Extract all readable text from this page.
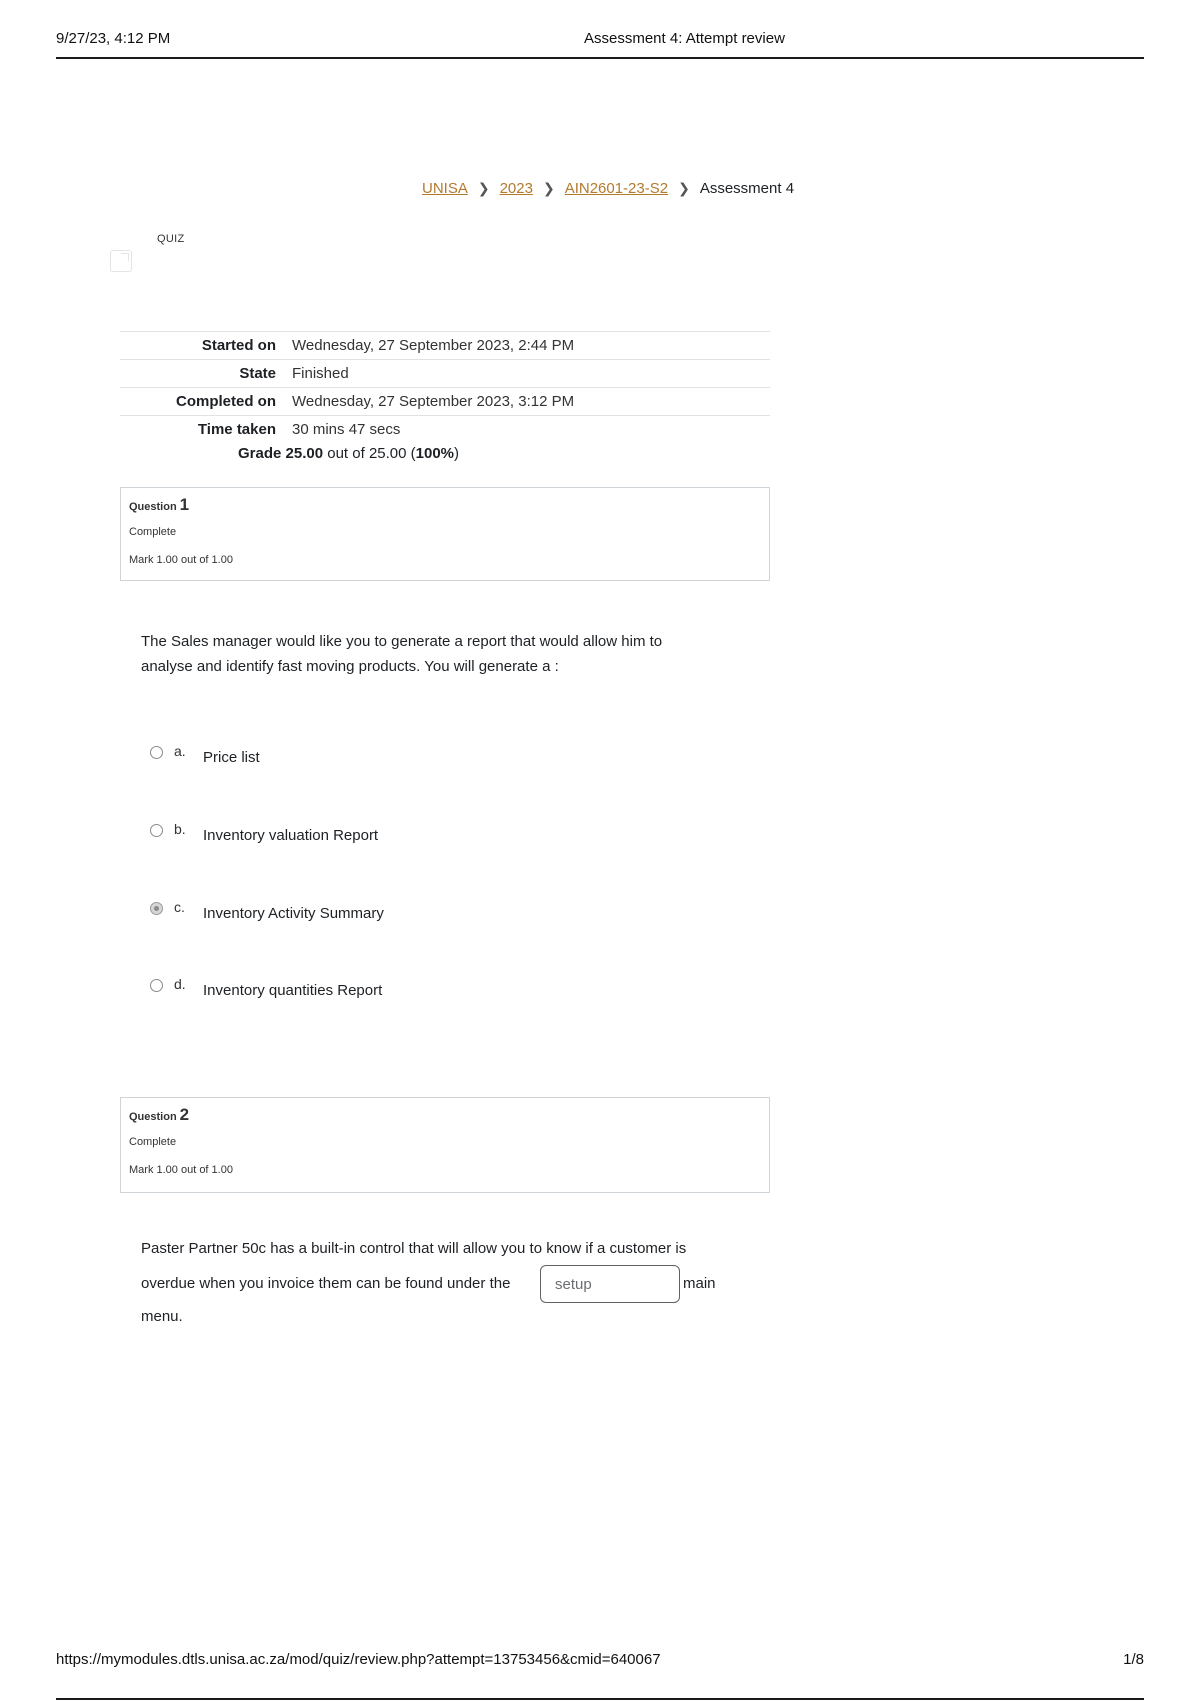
9/27/23, 4:12 PM	Assessment 4: Attempt review
UNISA ❯ 2023 ❯ AIN2601-23-S2 ❯ Assessment 4
QUIZ
Started on	Wednesday, 27 September 2023, 2:44 PM
State	Finished
Completed on	Wednesday, 27 September 2023, 3:12 PM
Time taken	30 mins 47 secs
Grade 25.00 out of 25.00 (100%)
Question 1
Complete
Mark 1.00 out of 1.00
The Sales manager would like you to generate a report that would allow him to
analyse and identify fast moving products. You will generate a :
a. Price list
b. Inventory valuation Report
c. Inventory Activity Summary
d. Inventory quantities Report
Question 2
Complete
Mark 1.00 out of 1.00
Paster Partner 50c has a built-in control that will allow you to know if a customer is
overdue when you invoice them can be found under the
setup	main
menu.
https://mymodules.dtls.unisa.ac.za/mod/quiz/review.php?attempt=13753456&cmid=640067	1/8
